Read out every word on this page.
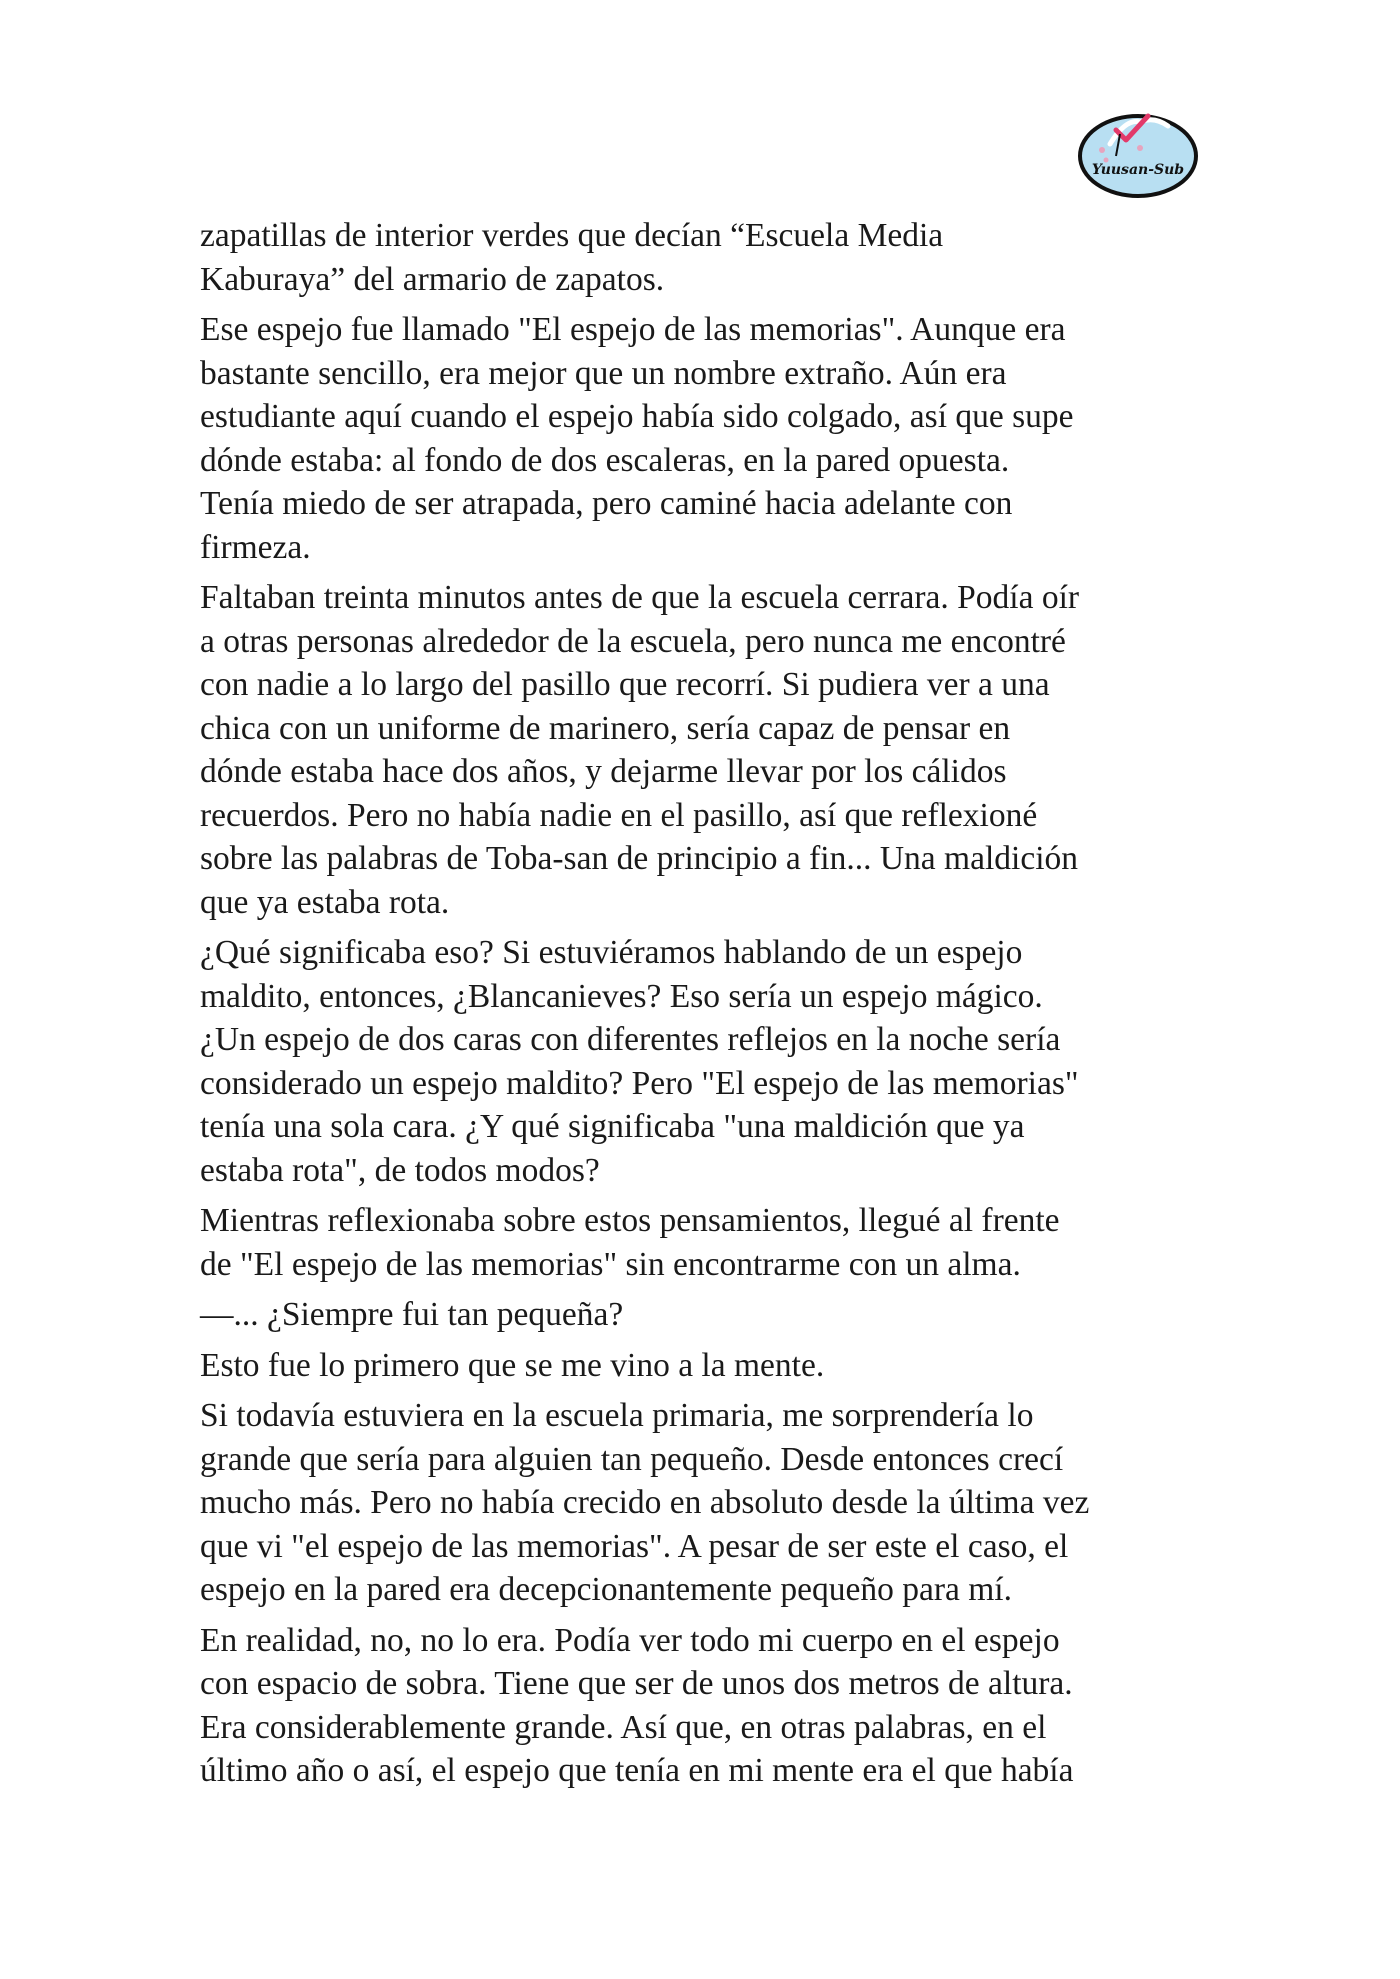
Yuusan-Sub

zapatillas de interior verdes que decían “Escuela Media
Kaburaya” del armario de zapatos.

Ese espejo fue llamado "El espejo de las memorias". Aunque era
bastante sencillo, era mejor que un nombre extraño. Aún era
estudiante aquí cuando el espejo había sido colgado, así que supe
dónde estaba: al fondo de dos escaleras, en la pared opuesta.
Tenía miedo de ser atrapada, pero caminé hacia adelante con
firmeza.

Faltaban treinta minutos antes de que la escuela cerrara. Podía oír
a otras personas alrededor de la escuela, pero nunca me encontré
con nadie a lo largo del pasillo que recorrí. Si pudiera ver a una
chica con un uniforme de marinero, sería capaz de pensar en
dónde estaba hace dos años, y dejarme llevar por los cálidos
recuerdos. Pero no había nadie en el pasillo, así que reflexioné
sobre las palabras de Toba-san de principio a fin... Una maldición
que ya estaba rota.

¿Qué significaba eso? Si estuviéramos hablando de un espejo
maldito, entonces, ¿Blancanieves? Eso sería un espejo mágico.
¿Un espejo de dos caras con diferentes reflejos en la noche sería
considerado un espejo maldito? Pero "El espejo de las memorias"
tenía una sola cara. ¿Y qué significaba "una maldición que ya
estaba rota", de todos modos?

Mientras reflexionaba sobre estos pensamientos, llegué al frente
de "El espejo de las memorias" sin encontrarme con un alma.

—... ¿Siempre fui tan pequeña?

Esto fue lo primero que se me vino a la mente.

Si todavía estuviera en la escuela primaria, me sorprendería lo
grande que sería para alguien tan pequeño. Desde entonces crecí
mucho más. Pero no había crecido en absoluto desde la última vez
que vi "el espejo de las memorias". A pesar de ser este el caso, el
espejo en la pared era decepcionantemente pequeño para mí.

En realidad, no, no lo era. Podía ver todo mi cuerpo en el espejo
con espacio de sobra. Tiene que ser de unos dos metros de altura.
Era considerablemente grande. Así que, en otras palabras, en el
último año o así, el espejo que tenía en mi mente era el que había
